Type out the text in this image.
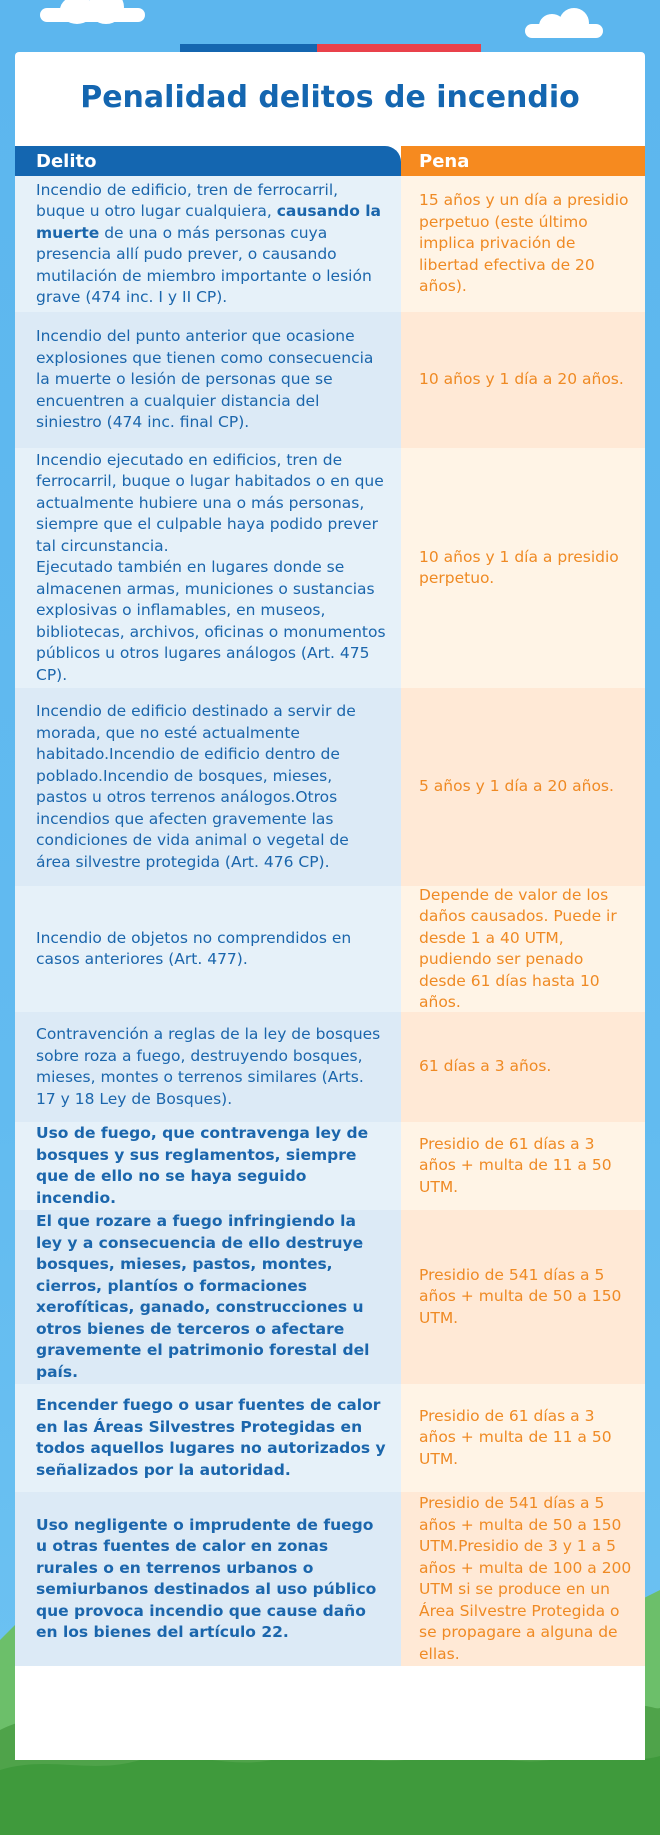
Penalidad delitos de incendio
Delito	Pena
Incendio de edificio, tren de ferrocarril, buque u otro lugar cualquiera, causando la muerte de una o más personas cuya presencia allí pudo prever, o causando mutilación de miembro importante o lesión grave (474 inc. I y II CP).
15 años y un día a presidio perpetuo (este último implica privación de libertad efectiva de 20 años).
Incendio del punto anterior que ocasione explosiones que tienen como consecuencia la muerte o lesión de personas que se encuentren a cualquier distancia del siniestro (474 inc. final CP).
10 años y 1 día a 20 años.
Incendio ejecutado en edificios, tren de ferrocarril, buque o lugar habitados o en que actualmente hubiere una o más personas, siempre que el culpable haya podido prever tal circunstancia.
Ejecutado también en lugares donde se almacenen armas, municiones o sustancias explosivas o inflamables, en museos, bibliotecas, archivos, oficinas o monumentos públicos u otros lugares análogos (Art. 475 CP).
10 años y 1 día a presidio perpetuo.
Incendio de edificio destinado a servir de morada, que no esté actualmente habitado.Incendio de edificio dentro de poblado.Incendio de bosques, mieses, pastos u otros terrenos análogos.Otros incendios que afecten gravemente las condiciones de vida animal o vegetal de área silvestre protegida (Art. 476 CP).
5 años y 1 día a 20 años.
Incendio de objetos no comprendidos en casos anteriores (Art. 477).
Depende de valor de los daños causados. Puede ir desde 1 a 40 UTM, pudiendo ser penado desde 61 días hasta 10 años.
Contravención a reglas de la ley de bosques sobre roza a fuego, destruyendo bosques, mieses, montes o terrenos similares (Arts. 17 y 18 Ley de Bosques).
61 días a 3 años.
Uso de fuego, que contravenga ley de bosques y sus reglamentos, siempre que de ello no se haya seguido incendio.
Presidio de 61 días a 3 años + multa de 11 a 50 UTM.
El que rozare a fuego infringiendo la ley y a consecuencia de ello destruye bosques, mieses, pastos, montes, cierros, plantíos o formaciones xerofíticas, ganado, construcciones u otros bienes de terceros o afectare gravemente el patrimonio forestal del país.
Presidio de 541 días a 5 años + multa de 50 a 150 UTM.
Encender fuego o usar fuentes de calor en las Áreas Silvestres Protegidas en todos aquellos lugares no autorizados y señalizados por la autoridad.
Presidio de 61 días a 3 años + multa de 11 a 50 UTM.
Uso negligente o imprudente de fuego u otras fuentes de calor en zonas rurales o en terrenos urbanos o semiurbanos destinados al uso público que provoca incendio que cause daño en los bienes del artículo 22.
Presidio de 541 días a 5 años + multa de 50 a 150 UTM.Presidio de 3 y 1 a 5 años + multa de 100 a 200 UTM si se produce en un Área Silvestre Protegida o se propagare a alguna de ellas.
